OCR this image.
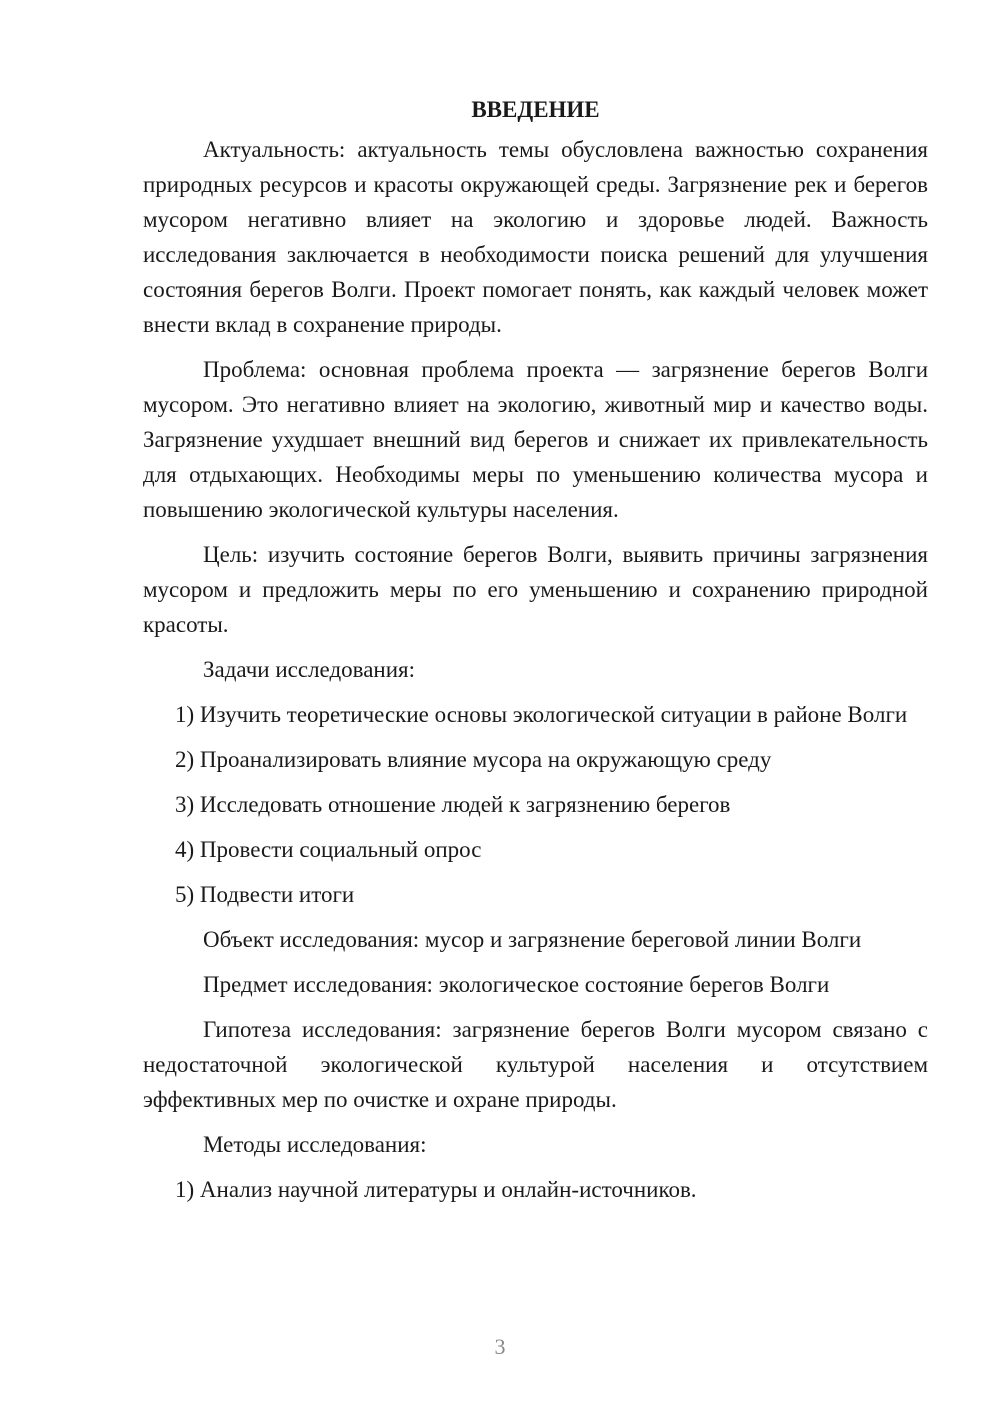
ВВЕДЕНИЕ

Актуальность: актуальность темы обусловлена важностью сохранения природных ресурсов и красоты окружающей среды. Загрязнение рек и берегов мусором негативно влияет на экологию и здоровье людей. Важность исследования заключается в необходимости поиска решений для улучшения состояния берегов Волги. Проект помогает понять, как каждый человек может внести вклад в сохранение природы.

Проблема: основная проблема проекта — загрязнение берегов Волги мусором. Это негативно влияет на экологию, животный мир и качество воды. Загрязнение ухудшает внешний вид берегов и снижает их привлекательность для отдыхающих. Необходимы меры по уменьшению количества мусора и повышению экологической культуры населения.

Цель: изучить состояние берегов Волги, выявить причины загрязнения мусором и предложить меры по его уменьшению и сохранению природной красоты.

Задачи исследования:

1) Изучить теоретические основы экологической ситуации в районе Волги

2) Проанализировать влияние мусора на окружающую среду

3) Исследовать отношение людей к загрязнению берегов

4) Провести социальный опрос

5) Подвести итоги

Объект исследования: мусор и загрязнение береговой линии Волги

Предмет исследования: экологическое состояние берегов Волги

Гипотеза исследования: загрязнение берегов Волги мусором связано с недостаточной экологической культурой населения и отсутствием эффективных мер по очистке и охране природы.

Методы исследования:

1) Анализ научной литературы и онлайн-источников.

3
